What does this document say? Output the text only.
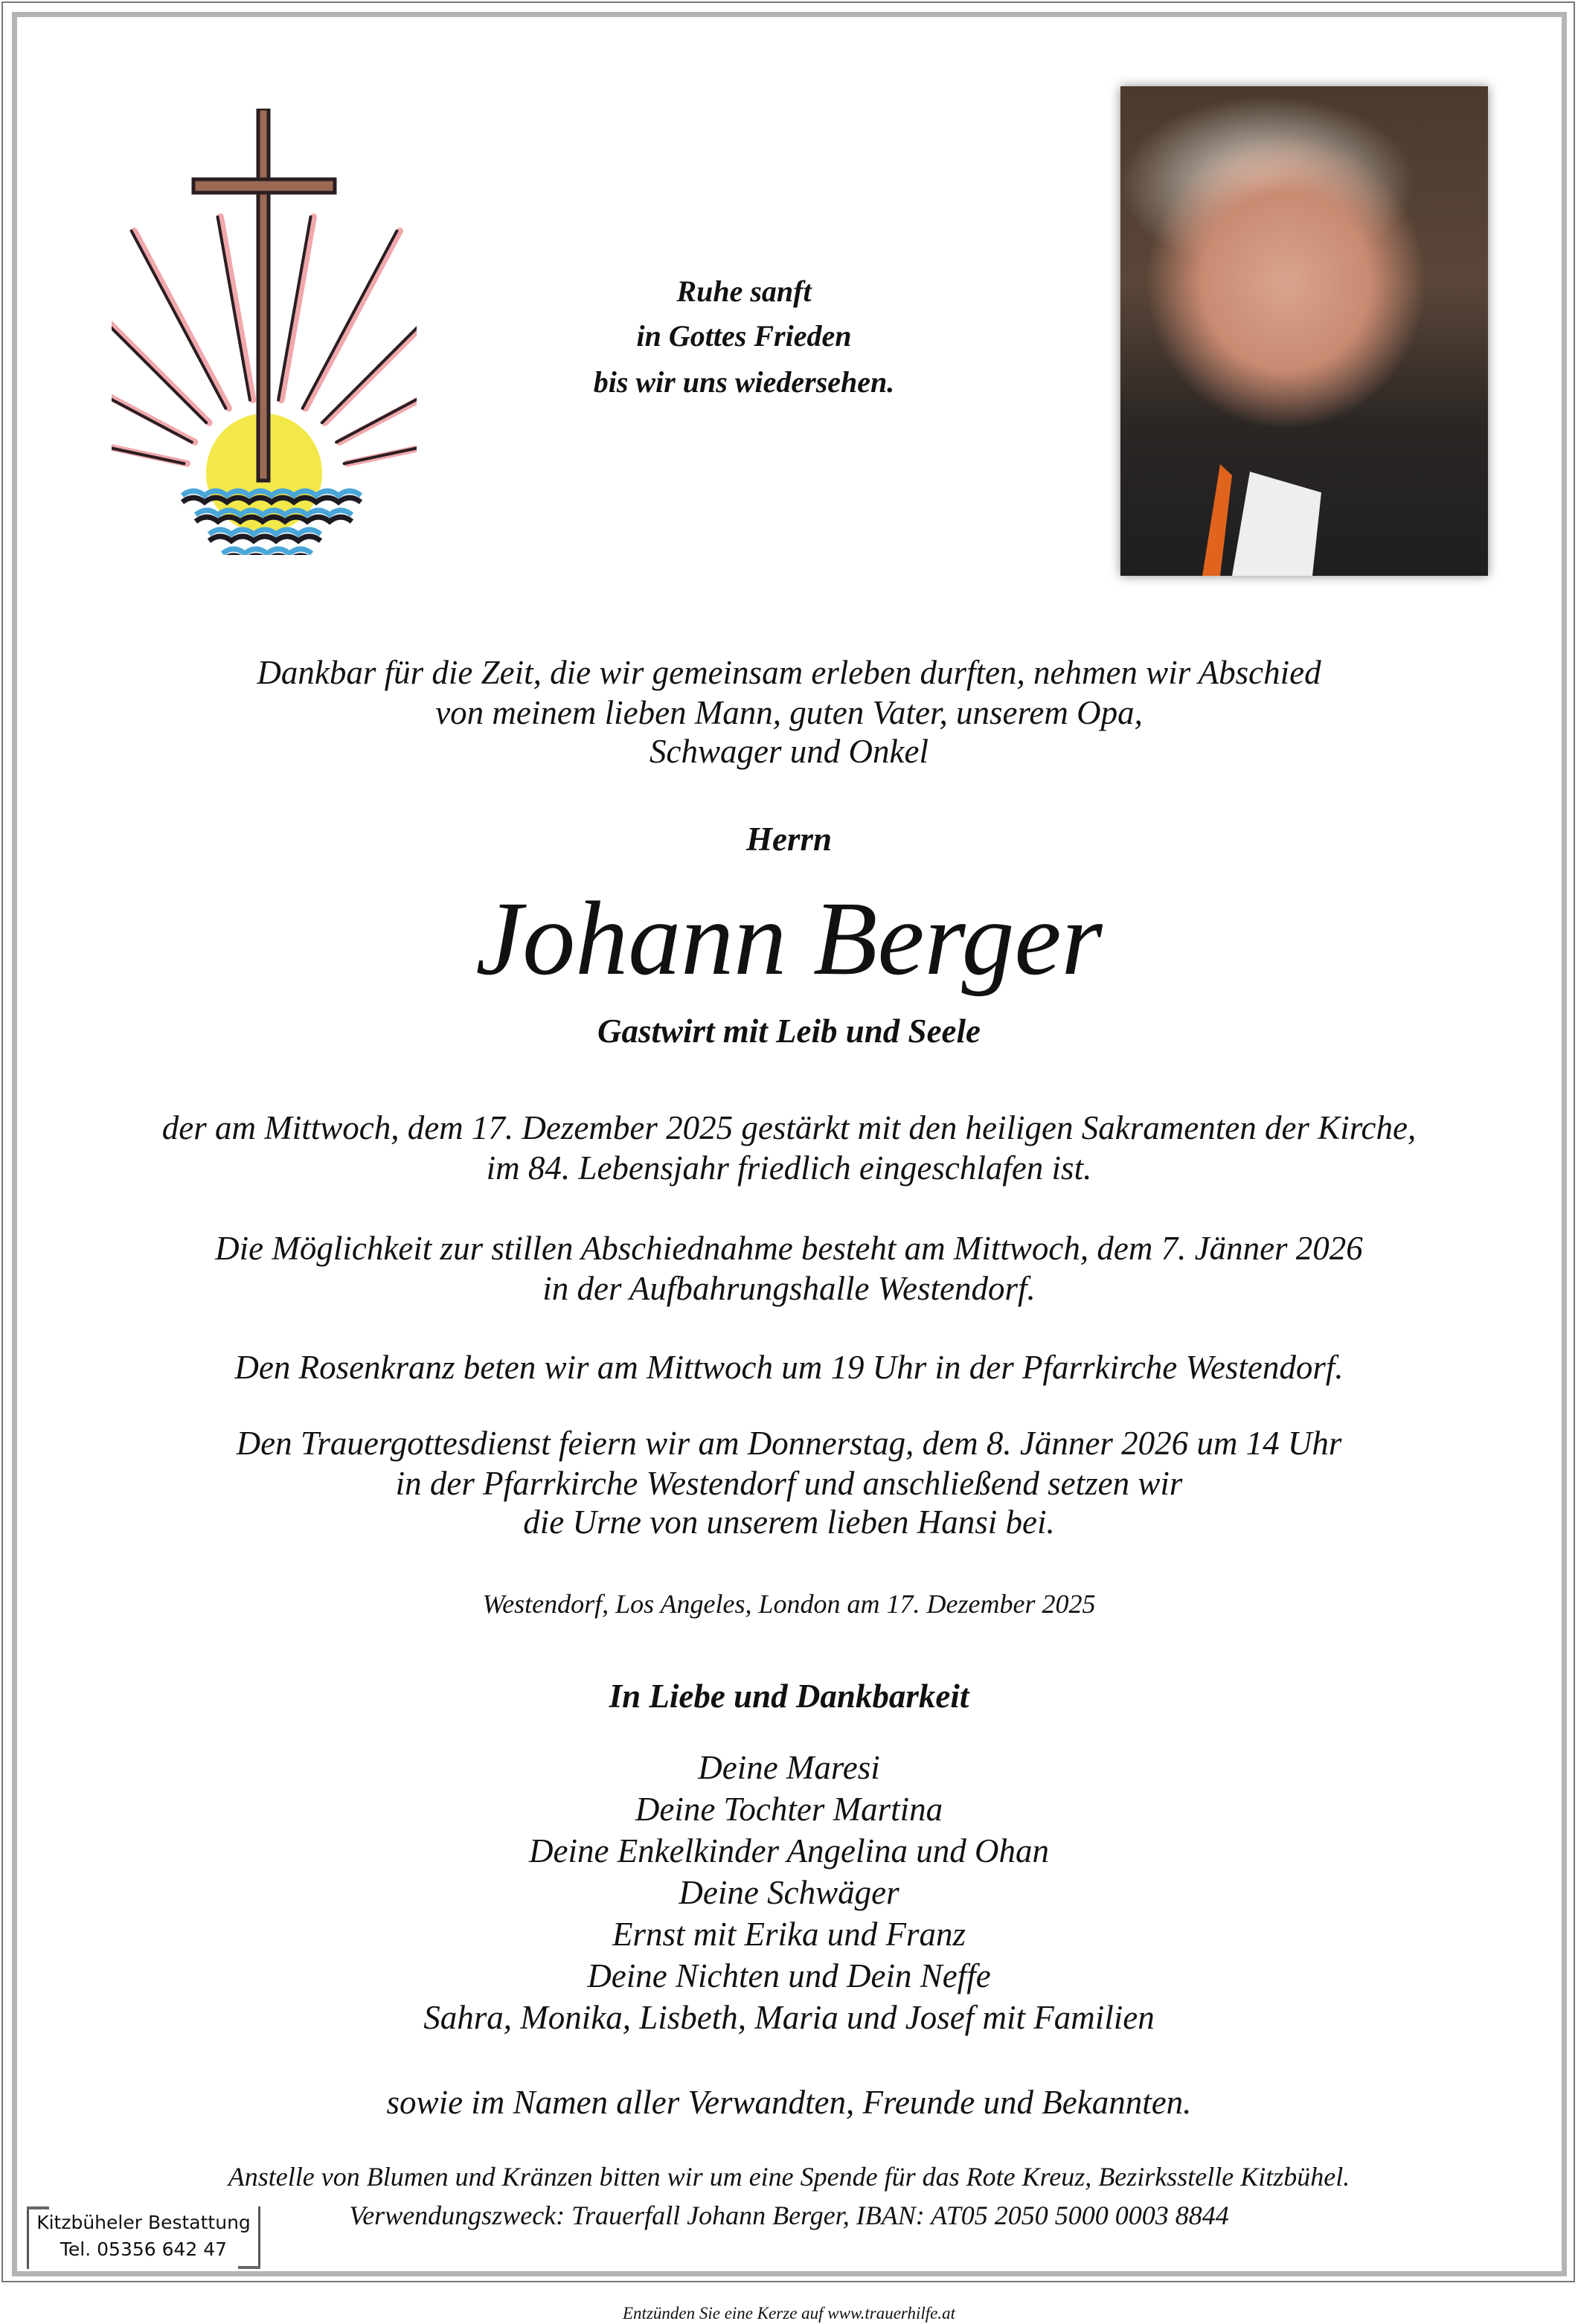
Ruhe sanft
in Gottes Frieden
bis wir uns wiedersehen.
Dankbar für die Zeit, die wir gemeinsam erleben durften, nehmen wir Abschied
von meinem lieben Mann, guten Vater, unserem Opa,
Schwager und Onkel
Herrn
Johann Berger
Gastwirt mit Leib und Seele
der am Mittwoch, dem 17. Dezember 2025 gestärkt mit den heiligen Sakramenten der Kirche,
im 84. Lebensjahr friedlich eingeschlafen ist.
Die Möglichkeit zur stillen Abschiednahme besteht am Mittwoch, dem 7. Jänner 2026
in der Aufbahrungshalle Westendorf.
Den Rosenkranz beten wir am Mittwoch um 19 Uhr in der Pfarrkirche Westendorf.
Den Trauergottesdienst feiern wir am Donnerstag, dem 8. Jänner 2026 um 14 Uhr
in der Pfarrkirche Westendorf und anschließend setzen wir
die Urne von unserem lieben Hansi bei.
Westendorf, Los Angeles, London am 17. Dezember 2025
In Liebe und Dankbarkeit
Deine Maresi
Deine Tochter Martina
Deine Enkelkinder Angelina und Ohan
Deine Schwäger
Ernst mit Erika und Franz
Deine Nichten und Dein Neffe
Sahra, Monika, Lisbeth, Maria und Josef mit Familien
sowie im Namen aller Verwandten, Freunde und Bekannten.
Anstelle von Blumen und Kränzen bitten wir um eine Spende für das Rote Kreuz, Bezirksstelle Kitzbühel.
Verwendungszweck: Trauerfall Johann Berger, IBAN: AT05 2050 5000 0003 8844
Kitzbüheler Bestattung
Tel. 05356 642 47
Entzünden Sie eine Kerze auf www.trauerhilfe.at
